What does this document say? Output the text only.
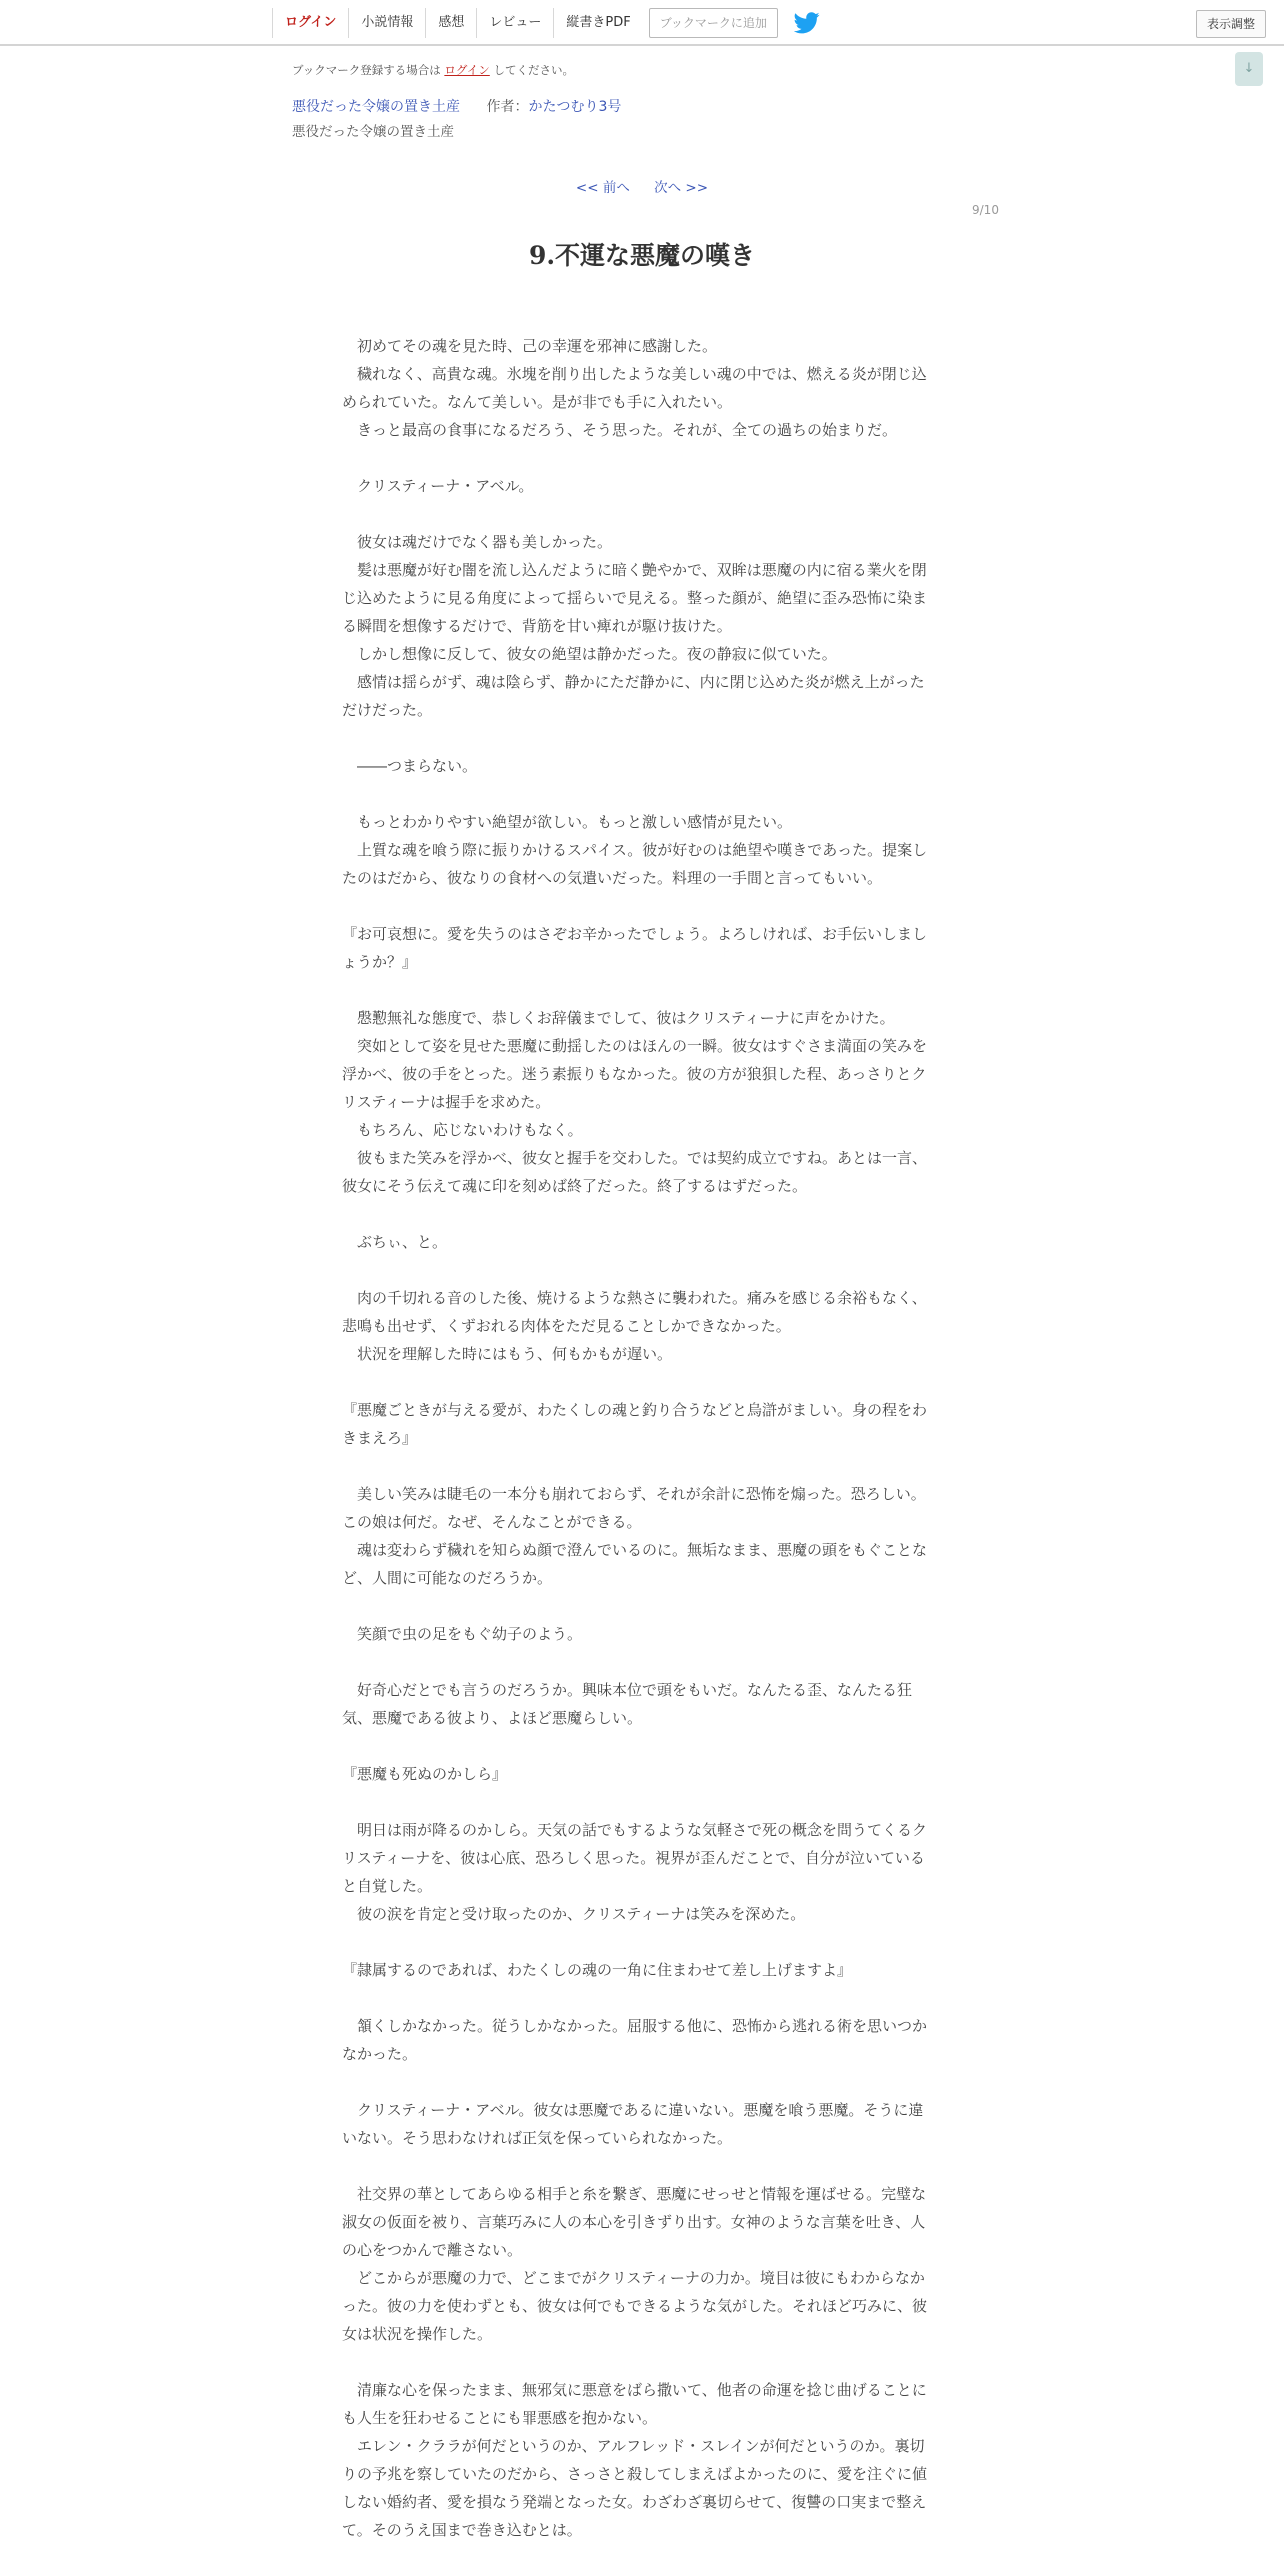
ログイン	小説情報	感想	レビュー	縦書きPDF	ブックマークに追加	表示調整
↓
ブックマーク登録する場合は ログイン してください。
悪役だった令嬢の置き土産 作者：かたつむり3号
悪役だった令嬢の置き土産
<< 前へ 次へ >>
9/10
9.不運な悪魔の嘆き

　初めてその魂を見た時、己の幸運を邪神に感謝した。

　穢れなく、高貴な魂。氷塊を削り出したような美しい魂の中では、燃える炎が閉じ込められていた。なんて美しい。是が非でも手に入れたい。

　きっと最高の食事になるだろう、そう思った。それが、全ての過ちの始まりだ。

　クリスティーナ・アベル。

　彼女は魂だけでなく器も美しかった。

　髪は悪魔が好む闇を流し込んだように暗く艶やかで、双眸は悪魔の内に宿る業火を閉じ込めたように見る角度によって揺らいで見える。整った顔が、絶望に歪み恐怖に染まる瞬間を想像するだけで、背筋を甘い痺れが駆け抜けた。

　しかし想像に反して、彼女の絶望は静かだった。夜の静寂に似ていた。

　感情は揺らがず、魂は陰らず、静かにただ静かに、内に閉じ込めた炎が燃え上がっただけだった。

　――つまらない。

　もっとわかりやすい絶望が欲しい。もっと激しい感情が見たい。

　上質な魂を喰う際に振りかけるスパイス。彼が好むのは絶望や嘆きであった。提案したのはだから、彼なりの食材への気遣いだった。料理の一手間と言ってもいい。

『お可哀想に。愛を失うのはさぞお辛かったでしょう。よろしければ、お手伝いしましょうか？』

　慇懃無礼な態度で、恭しくお辞儀までして、彼はクリスティーナに声をかけた。

　突如として姿を見せた悪魔に動揺したのはほんの一瞬。彼女はすぐさま満面の笑みを浮かべ、彼の手をとった。迷う素振りもなかった。彼の方が狼狽した程、あっさりとクリスティーナは握手を求めた。

　もちろん、応じないわけもなく。

　彼もまた笑みを浮かべ、彼女と握手を交わした。では契約成立ですね。あとは一言、彼女にそう伝えて魂に印を刻めば終了だった。終了するはずだった。

　ぶちぃ、と。

　肉の千切れる音のした後、焼けるような熱さに襲われた。痛みを感じる余裕もなく、悲鳴も出せず、くずおれる肉体をただ見ることしかできなかった。

　状況を理解した時にはもう、何もかもが遅い。

『悪魔ごときが与える愛が、わたくしの魂と釣り合うなどと烏滸がましい。身の程をわきまえろ』

　美しい笑みは睫毛の一本分も崩れておらず、それが余計に恐怖を煽った。恐ろしい。この娘は何だ。なぜ、そんなことができる。

　魂は変わらず穢れを知らぬ顔で澄んでいるのに。無垢なまま、悪魔の頭をもぐことなど、人間に可能なのだろうか。

　笑顔で虫の足をもぐ幼子のよう。

　好奇心だとでも言うのだろうか。興味本位で頭をもいだ。なんたる歪、なんたる狂気、悪魔である彼より、よほど悪魔らしい。

『悪魔も死ぬのかしら』

　明日は雨が降るのかしら。天気の話でもするような気軽さで死の概念を問うてくるクリスティーナを、彼は心底、恐ろしく思った。視界が歪んだことで、自分が泣いていると自覚した。

　彼の涙を肯定と受け取ったのか、クリスティーナは笑みを深めた。

『隷属するのであれば、わたくしの魂の一角に住まわせて差し上げますよ』

　頷くしかなかった。従うしかなかった。屈服する他に、恐怖から逃れる術を思いつかなかった。

　クリスティーナ・アベル。彼女は悪魔であるに違いない。悪魔を喰う悪魔。そうに違いない。そう思わなければ正気を保っていられなかった。

　社交界の華としてあらゆる相手と糸を繋ぎ、悪魔にせっせと情報を運ばせる。完璧な淑女の仮面を被り、言葉巧みに人の本心を引きずり出す。女神のような言葉を吐き、人の心をつかんで離さない。

　どこからが悪魔の力で、どこまでがクリスティーナの力か。境目は彼にもわからなかった。彼の力を使わずとも、彼女は何でもできるような気がした。それほど巧みに、彼女は状況を操作した。

　清廉な心を保ったまま、無邪気に悪意をばら撒いて、他者の命運を捻じ曲げることにも人生を狂わせることにも罪悪感を抱かない。

　エレン・クララが何だというのか、アルフレッド・スレインが何だというのか。裏切りの予兆を察していたのだから、さっさと殺してしまえばよかったのに、愛を注ぐに値しない婚約者、愛を損なう発端となった女。わざわざ裏切らせて、復讐の口実まで整えて。そのうえ国まで巻き込むとは。
